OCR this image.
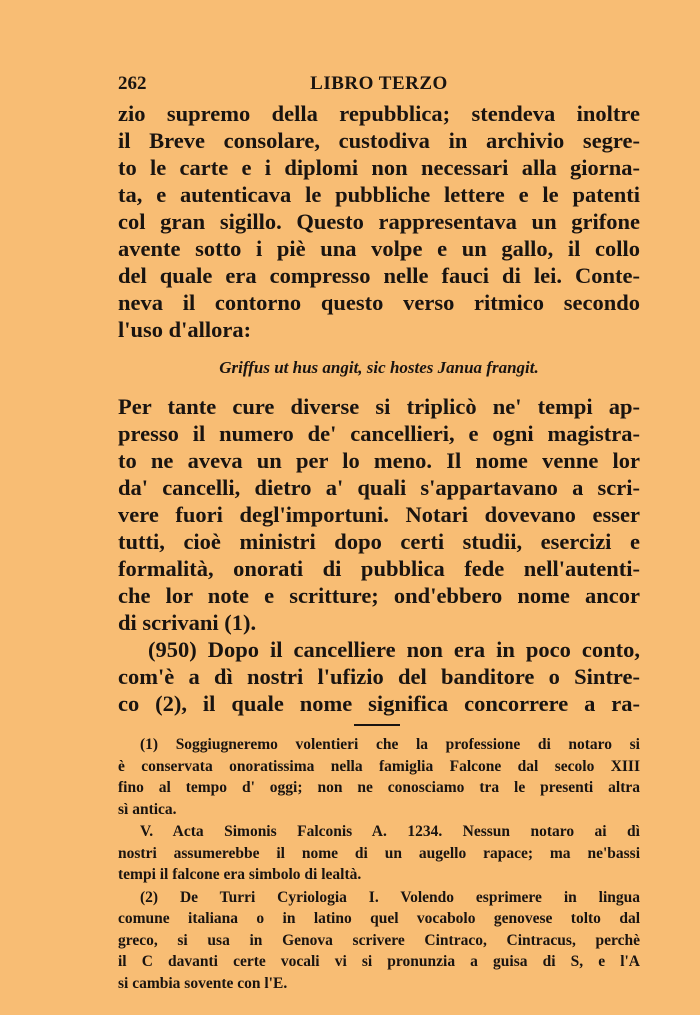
262	LIBRO TERZO
zio supremo della repubblica; stendeva inoltre
il Breve consolare, custodiva in archivio segre-
to le carte e i diplomi non necessari alla giorna-
ta, e autenticava le pubbliche lettere e le patenti
col gran sigillo. Questo rappresentava un grifone
avente sotto i piè una volpe e un gallo, il collo
del quale era compresso nelle fauci di lei. Conte-
neva il contorno questo verso ritmico secondo
l'uso d'allora:
Griffus ut hus angit, sic hostes Janua frangit.
Per tante cure diverse si triplicò ne' tempi ap-
presso il numero de' cancellieri, e ogni magistra-
to ne aveva un per lo meno. Il nome venne lor
da' cancelli, dietro a' quali s'appartavano a scri-
vere fuori degl'importuni. Notari dovevano esser
tutti, cioè ministri dopo certi studii, esercizi e
formalità, onorati di pubblica fede nell'autenti-
che lor note e scritture; ond'ebbero nome ancor
di scrivani (1).
(950) Dopo il cancelliere non era in poco conto,
com'è a dì nostri l'ufizio del banditore o Sintre-
co (2), il quale nome significa concorrere a ra-
(1) Soggiugneremo volentieri che la professione di notaro si
è conservata onoratissima nella famiglia Falcone dal secolo XIII
fino al tempo d' oggi; non ne conosciamo tra le presenti altra
sì antica.
V. Acta Simonis Falconis A. 1234. Nessun notaro ai dì
nostri assumerebbe il nome di un augello rapace; ma ne'bassi
tempi il falcone era simbolo di lealtà.
(2) De Turri Cyriologia I. Volendo esprimere in lingua
comune italiana o in latino quel vocabolo genovese tolto dal
greco, si usa in Genova scrivere Cintraco, Cintracus, perchè
il C davanti certe vocali vi si pronunzia a guisa di S, e l'A
si cambia sovente con l'E.
